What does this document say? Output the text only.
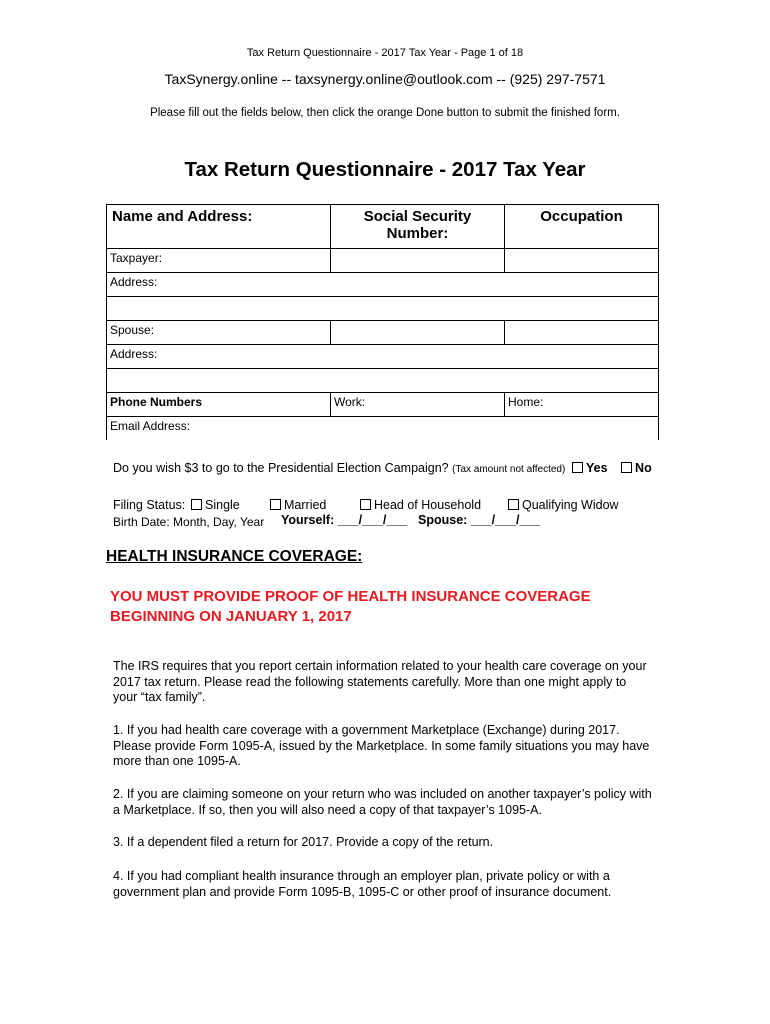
Tax Return Questionnaire - 2017 Tax Year - Page 1 of 18
TaxSynergy.online -- taxsynergy.online@outlook.com -- (925) 297-7571
Please fill out the fields below, then click the orange Done button to submit the finished form.
Tax Return Questionnaire - 2017 Tax Year
Name and Address:	Social Security Number:	Occupation
Taxpayer:		
Address:		

Spouse:		
Address:		

Phone Numbers	Work:	Home:
Email Address:		
Do you wish $3 to go to the Presidential Election Campaign? (Tax amount not affected)	Yes No
Filing Status:	Single	Married	Head of Household	Qualifying Widow
Birth Date: Month, Day, Year Yourself: ___/___/___ Spouse: ___/___/___
HEALTH INSURANCE COVERAGE:
YOU MUST PROVIDE PROOF OF HEALTH INSURANCE COVERAGE BEGINNING ON JANUARY 1, 2017
The IRS requires that you report certain information related to your health care coverage on your 2017 tax return. Please read the following statements carefully. More than one might apply to your “tax family”.
1. If you had health care coverage with a government Marketplace (Exchange) during 2017. Please provide Form 1095-A, issued by the Marketplace. In some family situations you may have more than one 1095-A.
2. If you are claiming someone on your return who was included on another taxpayer’s policy with a Marketplace. If so, then you will also need a copy of that taxpayer’s 1095-A.
3. If a dependent filed a return for 2017. Provide a copy of the return.
4. If you had compliant health insurance through an employer plan, private policy or with a government plan and provide Form 1095-B, 1095-C or other proof of insurance document.
